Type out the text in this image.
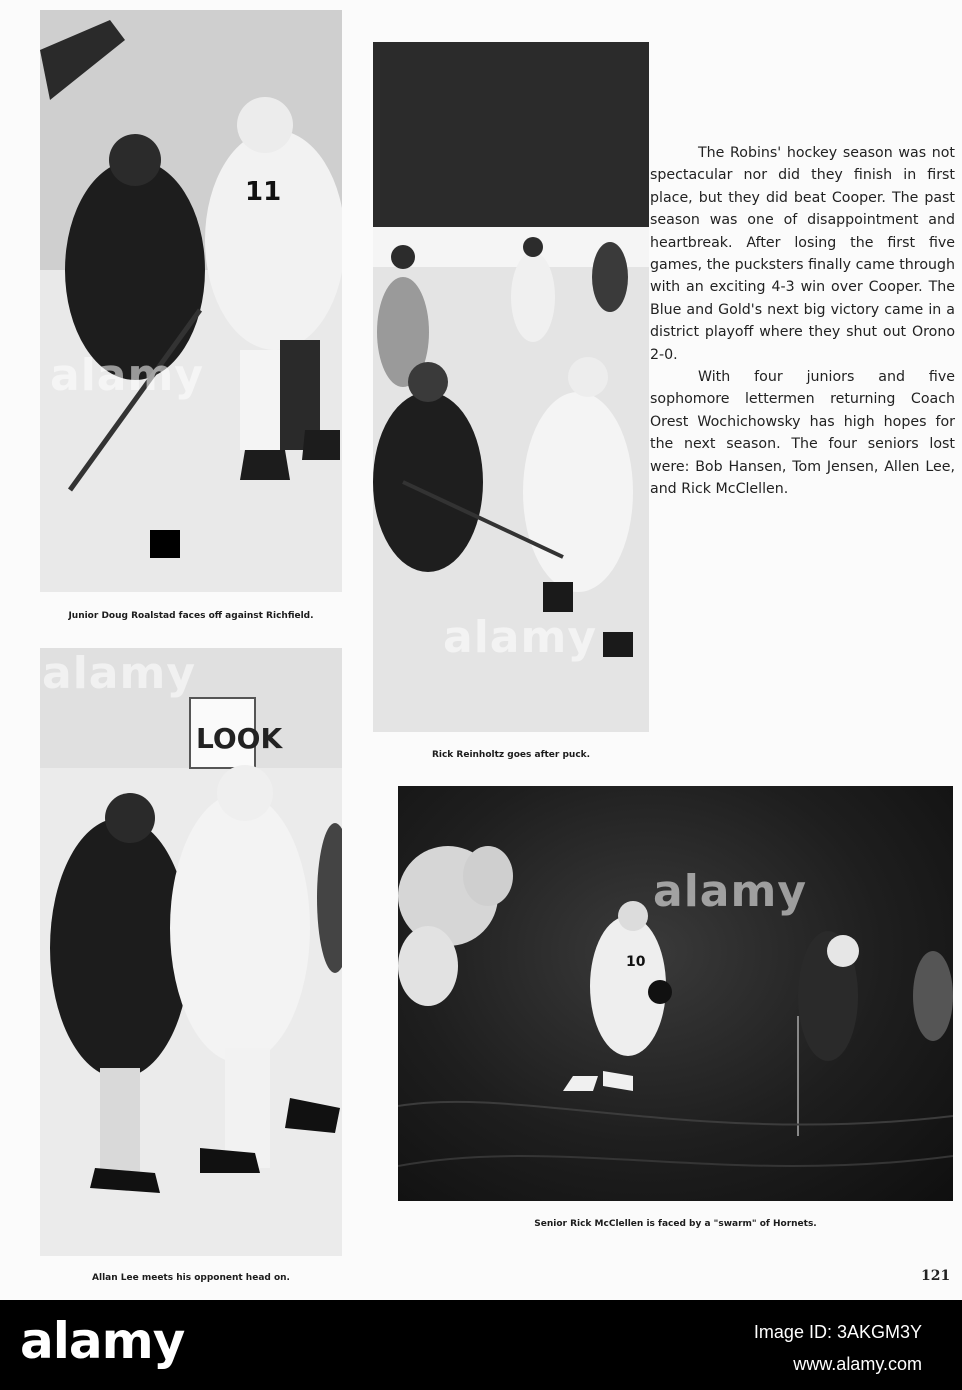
11
alamy
Junior Doug Roalstad faces off against Richfield.	alamy
Rick Reinholtz goes after puck.

The Robins' hockey season was not spectacular nor did they finish in first place, but they did beat Cooper. The past season was one of disappointment and heartbreak. After losing the first five games, the pucksters finally came through with an exciting 4-3 win over Cooper. The Blue and Gold's next big victory came in a district playoff where they shut out Orono 2-0.

With four juniors and five sophomore lettermen returning Coach Orest Wochichowsky has high hopes for the next season. The four seniors lost were: Bob Hansen, Tom Jensen, Allen Lee, and Rick McClellen.

LOOK
alamy
Allan Lee meets his opponent head on.
10
alamy
Senior Rick McClellen is faced by a "swarm" of Hornets.
121
alamy	Image ID: 3AKGM3Y
www.alamy.com
